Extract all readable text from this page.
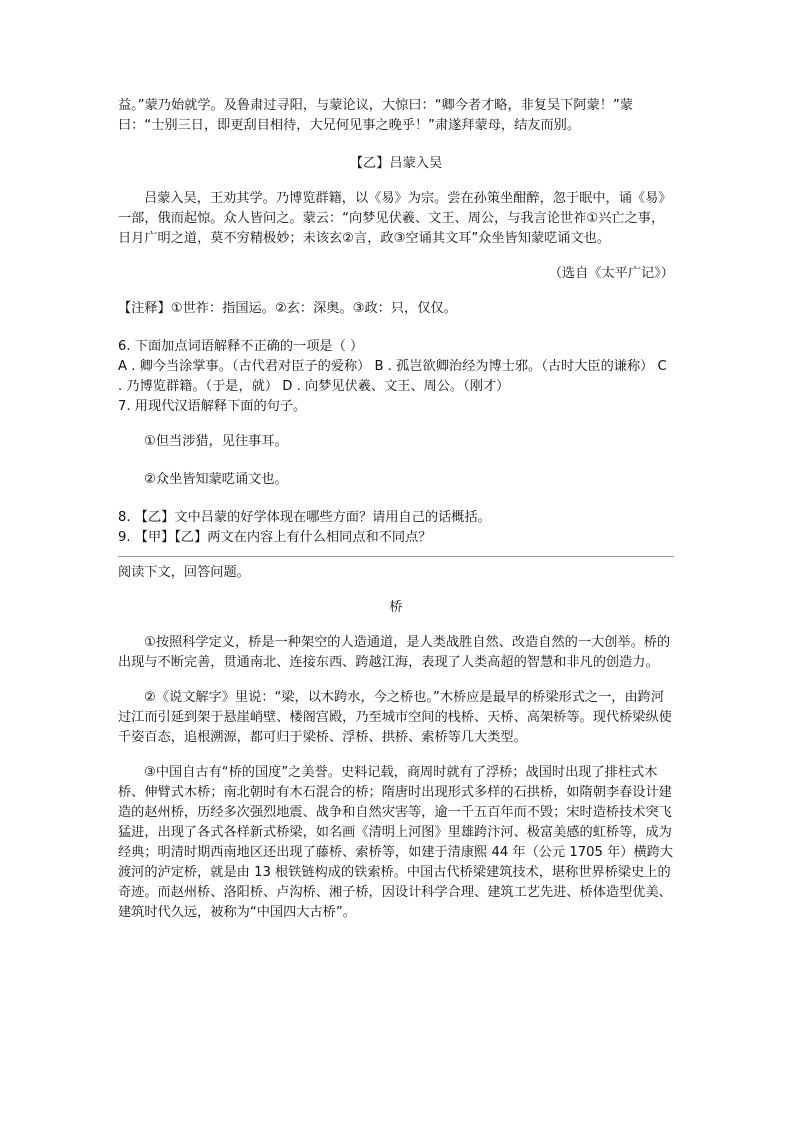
益。”蒙乃始就学。及鲁肃过寻阳，与蒙论议，大惊曰：“卿今者才略，非复吴下阿蒙！”蒙曰：“士别三日，即更刮目相待，大兄何见事之晚乎！”肃遂拜蒙母，结友而别。

【乙】吕蒙入吴

吕蒙入吴，王劝其学。乃博览群籍，以《易》为宗。尝在孙策坐酣醉，忽于眠中，诵《易》一部，俄而起惊。众人皆问之。蒙云：“向梦见伏羲、文王、周公，与我言论世祚①兴亡之事，日月广明之道，莫不穷精极妙；未该玄②言，政③空诵其文耳”众坐皆知蒙呓诵文也。

（选自《太平广记》）

【注释】①世祚：指国运。②玄：深奥。③政：只，仅仅。

6. 下面加点词语解释不正确的一项是（ ）

A . 卿今当涂掌事。（古代君对臣子的爱称） B . 孤岂欲卿治经为博士邪。（古时大臣的谦称） C . 乃博览群籍。（于是，就） D . 向梦见伏羲、文王、周公。（刚才）

7. 用现代汉语解释下面的句子。

①但当涉猎，见往事耳。

②众坐皆知蒙呓诵文也。

8. 【乙】文中吕蒙的好学体现在哪些方面？请用自己的话概括。

9. 【甲】【乙】两文在内容上有什么相同点和不同点？

阅读下文，回答问题。

桥

①按照科学定义，桥是一种架空的人造通道，是人类战胜自然、改造自然的一大创举。桥的出现与不断完善，贯通南北、连接东西、跨越江海，表现了人类高超的智慧和非凡的创造力。

②《说文解字》里说：“梁，以木跨水，今之桥也。”木桥应是最早的桥梁形式之一，由跨河过江而引延到架于悬崖峭壁、楼阁宫殿，乃至城市空间的栈桥、天桥、高架桥等。现代桥梁纵使千姿百态，追根溯源，都可归于梁桥、浮桥、拱桥、索桥等几大类型。

③中国自古有“桥的国度”之美誉。史料记载，商周时就有了浮桥；战国时出现了排柱式木桥、伸臂式木桥；南北朝时有木石混合的桥；隋唐时出现形式多样的石拱桥，如隋朝李春设计建造的赵州桥，历经多次强烈地震、战争和自然灾害等，逾一千五百年而不毁；宋时造桥技术突飞猛进，出现了各式各样新式桥梁，如名画《清明上河图》里雄跨汴河、极富美感的虹桥等，成为经典；明清时期西南地区还出现了藤桥、索桥等，如建于清康熙 44 年（公元 1705 年）横跨大渡河的泸定桥，就是由 13 根铁链构成的铁索桥。中国古代桥梁建筑技术，堪称世界桥梁史上的奇迹。而赵州桥、洛阳桥、卢沟桥、湘子桥，因设计科学合理、建筑工艺先进、桥体造型优美、建筑时代久远，被称为“中国四大古桥”。
